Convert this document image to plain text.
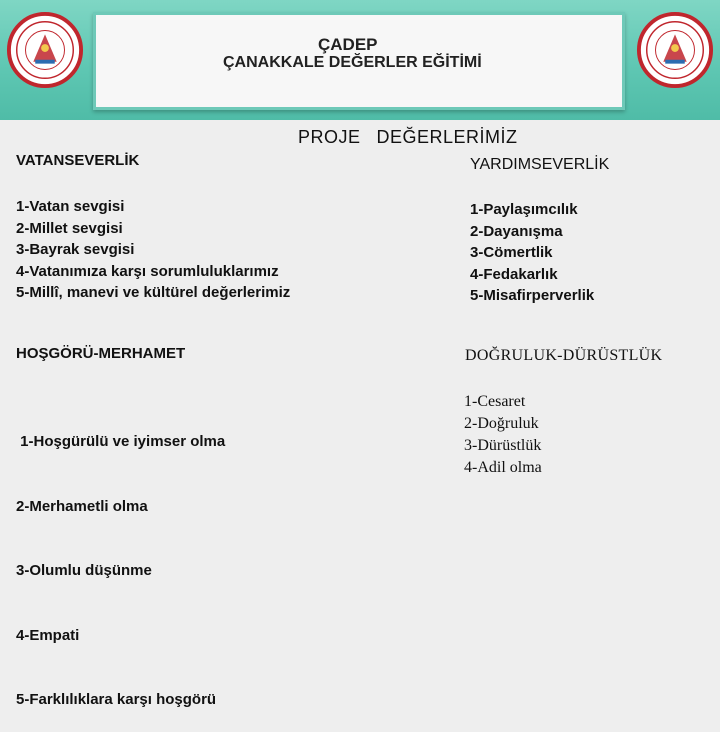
ÇADEP
ÇANAKKALE DEĞERLER EĞİTİMİ
PROJE DEĞERLERİMİZ
VATANSEVERLİK
1-Vatan sevgisi
2-Millet sevgisi
3-Bayrak sevgisi
4-Vatanımıza karşı sorumluluklarımız
5-Millî, manevi ve kültürel değerlerimiz
YARDIMSEVERLİK
1-Paylaşımcılık
2-Dayanışma
3-Cömertlik
4-Fedakarlık
5-Misafirperverlik
HOŞGÖRÜ-MERHAMET

1-Hoşgürülü ve iyimser olma

2-Merhametli olma

3-Olumlu düşünme

4-Empati

5-Farklılıklara karşı hoşgörü

DOĞRULUK-DÜRÜSTLÜK
1-Cesaret
2-Doğruluk
3-Dürüstlük
4-Adil olma
